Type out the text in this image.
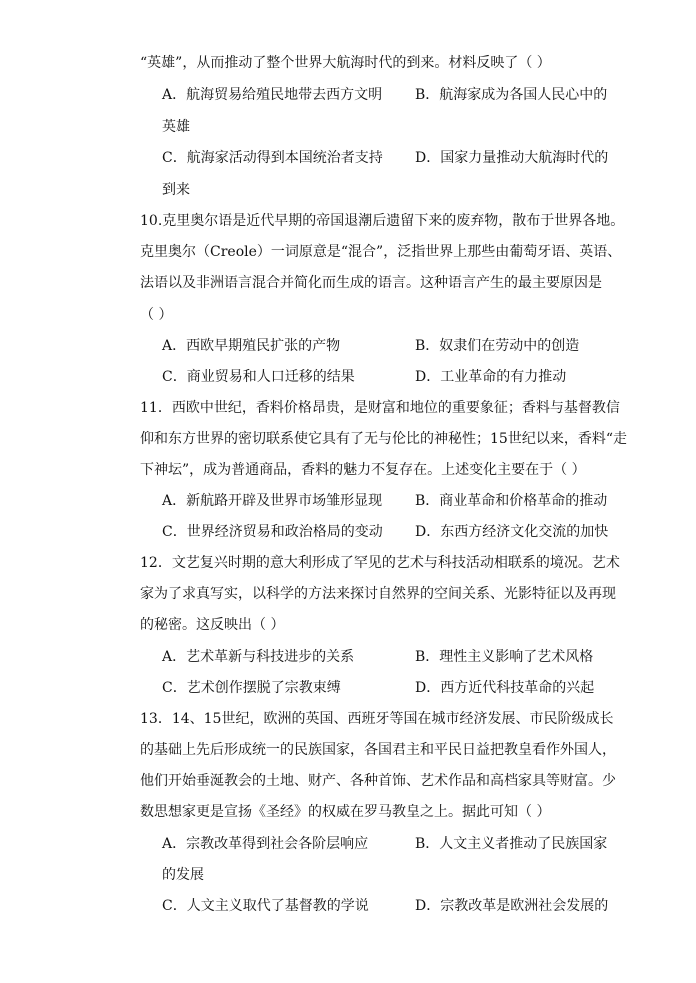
“英雄”，从而推动了整个世界大航海时代的到来。材料反映了（ ）
A．航海贸易给殖民地带去西方文明 B．航海家成为各国人民心中的
英雄
C．航海家活动得到本国统治者支持 D．国家力量推动大航海时代的
到来
10.克里奥尔语是近代早期的帝国退潮后遗留下来的废弃物，散布于世界各地。
克里奥尔（Creole）一词原意是“混合”，泛指世界上那些由葡萄牙语、英语、
法语以及非洲语言混合并简化而生成的语言。这种语言产生的最主要原因是
（ ）
A．西欧早期殖民扩张的产物	B．奴隶们在劳动中的创造
C．商业贸易和人口迁移的结果	D．工业革命的有力推动
11．西欧中世纪，香料价格昂贵，是财富和地位的重要象征；香料与基督教信
仰和东方世界的密切联系使它具有了无与伦比的神秘性；15世纪以来，香料“走
下神坛”，成为普通商品，香料的魅力不复存在。上述变化主要在于（ ）
A．新航路开辟及世界市场雏形显现 B．商业革命和价格革命的推动
C．世界经济贸易和政治格局的变动 D．东西方经济文化交流的加快
12．文艺复兴时期的意大利形成了罕见的艺术与科技活动相联系的境况。艺术
家为了求真写实，以科学的方法来探讨自然界的空间关系、光影特征以及再现
的秘密。这反映出（ ）
A．艺术革新与科技进步的关系	B．理性主义影响了艺术风格
C．艺术创作摆脱了宗教束缚	D．西方近代科技革命的兴起
13．14、15世纪，欧洲的英国、西班牙等国在城市经济发展、市民阶级成长
的基础上先后形成统一的民族国家，各国君主和平民日益把教皇看作外国人，
他们开始垂涎教会的土地、财产、各种首饰、艺术作品和高档家具等财富。少
数思想家更是宣扬《圣经》的权威在罗马教皇之上。据此可知（ ）
A．宗教改革得到社会各阶层响应	B．人文主义者推动了民族国家
的发展
C．人文主义取代了基督教的学说	D．宗教改革是欧洲社会发展的
